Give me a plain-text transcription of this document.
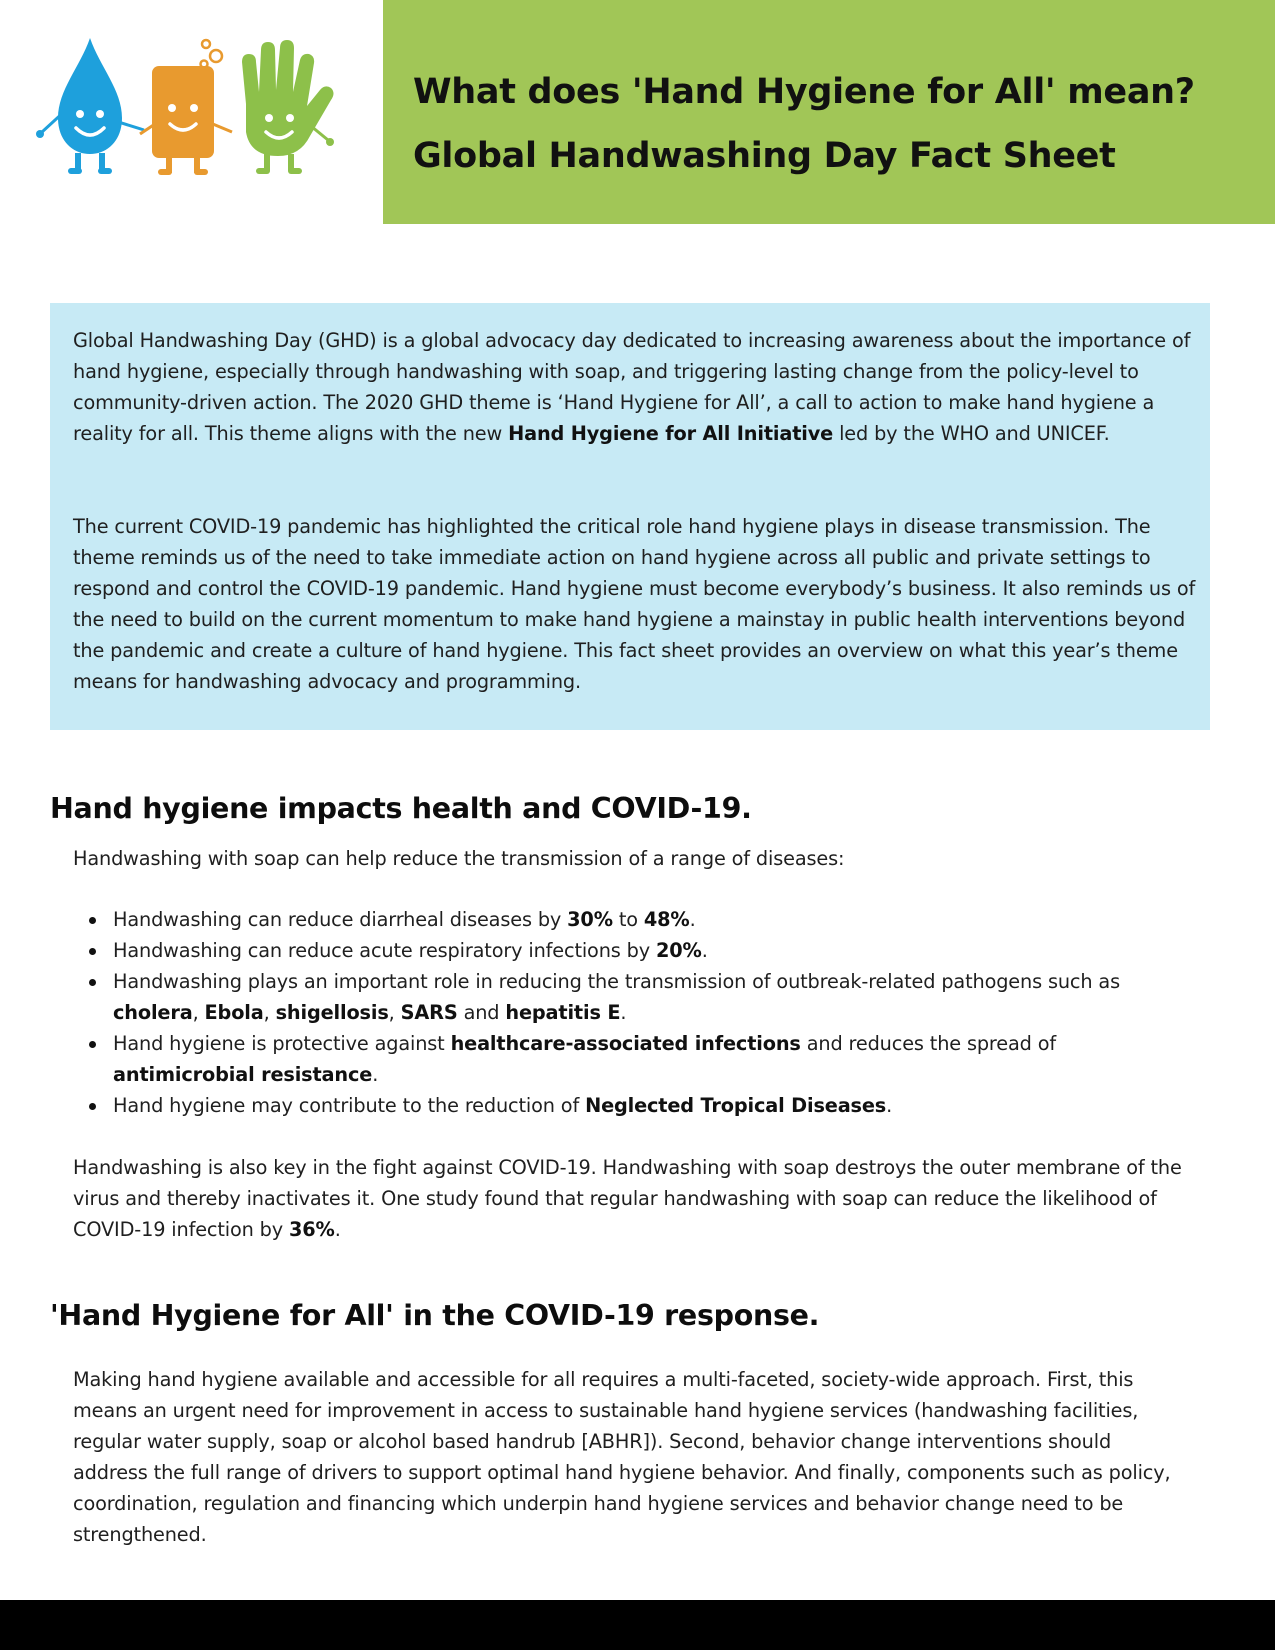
What does 'Hand Hygiene for All' mean?
Global Handwashing Day Fact Sheet

Global Handwashing Day (GHD) is a global advocacy day dedicated to increasing awareness about the importance of hand hygiene, especially through handwashing with soap, and triggering lasting change from the policy-level to community-driven action. The 2020 GHD theme is ‘Hand Hygiene for All’, a call to action to make hand hygiene a reality for all. This theme aligns with the new Hand Hygiene for All Initiative led by the WHO and UNICEF.

The current COVID-19 pandemic has highlighted the critical role hand hygiene plays in disease transmission. The theme reminds us of the need to take immediate action on hand hygiene across all public and private settings to respond and control the COVID-19 pandemic. Hand hygiene must become everybody’s business. It also reminds us of the need to build on the current momentum to make hand hygiene a mainstay in public health interventions beyond the pandemic and create a culture of hand hygiene. This fact sheet provides an overview on what this year’s theme means for handwashing advocacy and programming.

Hand hygiene impacts health and COVID-19.

Handwashing with soap can help reduce the transmission of a range of diseases:

Handwashing can reduce diarrheal diseases by 30% to 48%.
Handwashing can reduce acute respiratory infections by 20%.
Handwashing plays an important role in reducing the transmission of outbreak-related pathogens such as cholera, Ebola, shigellosis, SARS and hepatitis E.
Hand hygiene is protective against healthcare-associated infections and reduces the spread of antimicrobial resistance.
Hand hygiene may contribute to the reduction of Neglected Tropical Diseases.

Handwashing is also key in the fight against COVID-19. Handwashing with soap destroys the outer membrane of the virus and thereby inactivates it. One study found that regular handwashing with soap can reduce the likelihood of COVID-19 infection by 36%.

'Hand Hygiene for All' in the COVID-19 response.

Making hand hygiene available and accessible for all requires a multi-faceted, society-wide approach. First, this means an urgent need for improvement in access to sustainable hand hygiene services (handwashing facilities, regular water supply, soap or alcohol based handrub [ABHR]). Second, behavior change interventions should address the full range of drivers to support optimal hand hygiene behavior. And finally, components such as policy, coordination, regulation and financing which underpin hand hygiene services and behavior change need to be strengthened.
